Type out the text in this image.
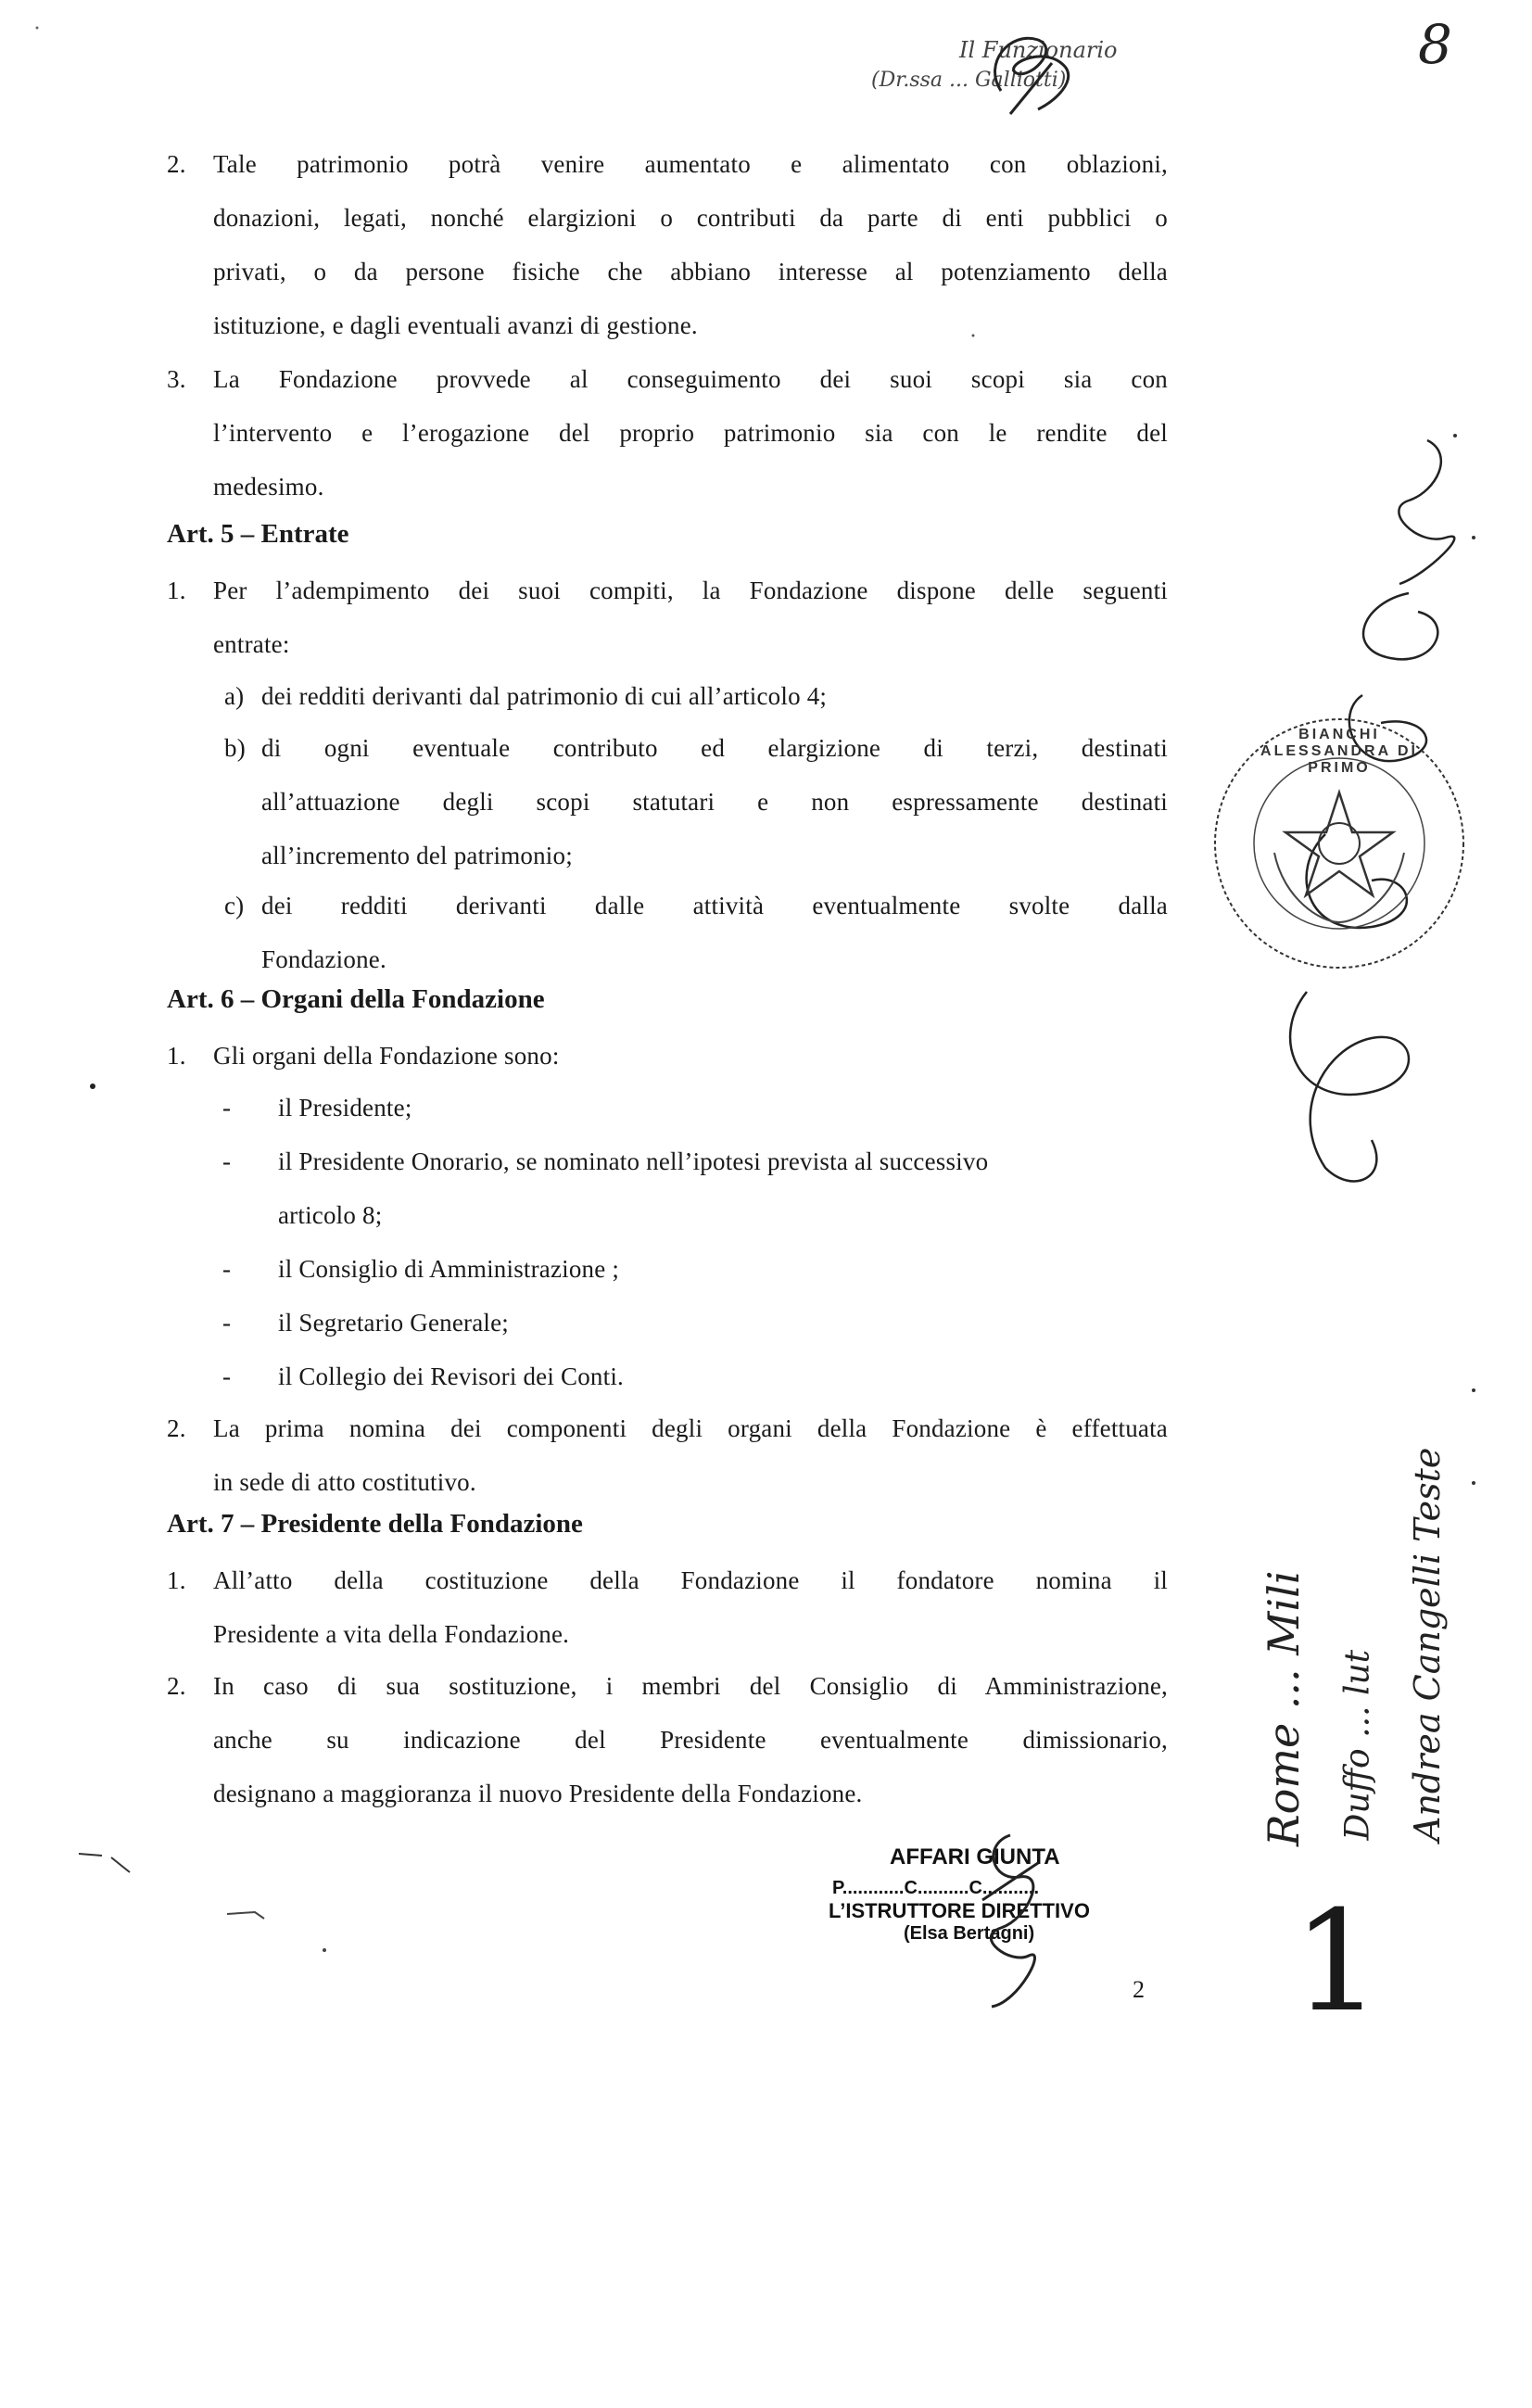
8
Il Funzionario
(Dr.ssa ... Galliotti)
2.	Tale patrimonio potrà venire aumentato e alimentato con oblazioni,
donazioni, legati, nonché elargizioni o contributi da parte di enti pubblici o
privati, o da persone fisiche che abbiano interesse al potenziamento della
istituzione, e dagli eventuali avanzi di gestione.
3.	La Fondazione provvede al conseguimento dei suoi scopi sia con
l’intervento e l’erogazione del proprio patrimonio sia con le rendite del
medesimo.
Art. 5 – Entrate
1.	Per l’adempimento dei suoi compiti, la Fondazione dispone delle seguenti
entrate:
a) dei redditi derivanti dal patrimonio di cui all’articolo 4;
b) di ogni eventuale contributo ed elargizione di terzi, destinati
all’attuazione degli scopi statutari e non espressamente destinati
all’incremento del patrimonio;
c) dei redditi derivanti dalle attività eventualmente svolte dalla
Fondazione.
Art. 6 – Organi della Fondazione
1.	Gli organi della Fondazione sono:
- il Presidente;
- il Presidente Onorario, se nominato nell’ipotesi prevista al successivo
articolo 8;
- il Consiglio di Amministrazione ;
- il Segretario Generale;
- il Collegio dei Revisori dei Conti.
2.	La prima nomina dei componenti degli organi della Fondazione è effettuata
in sede di atto costitutivo.
Art. 7 – Presidente della Fondazione
1.	All’atto della costituzione della Fondazione il fondatore nomina il
Presidente a vita della Fondazione.
2.	In caso di sua sostituzione, i membri del Consiglio di Amministrazione,
anche su indicazione del Presidente eventualmente dimissionario,
designano a maggioranza il nuovo Presidente della Fondazione.
BIANCHI ALESSANDRA DI PRIMO
Rome ... Mili Duffo ... lut Andrea Cangelli Teste
AFFARI GIUNTA
P............C..........C...........
L’ISTRUTTORE DIRETTIVO
(Elsa Bertagni)
2 1
